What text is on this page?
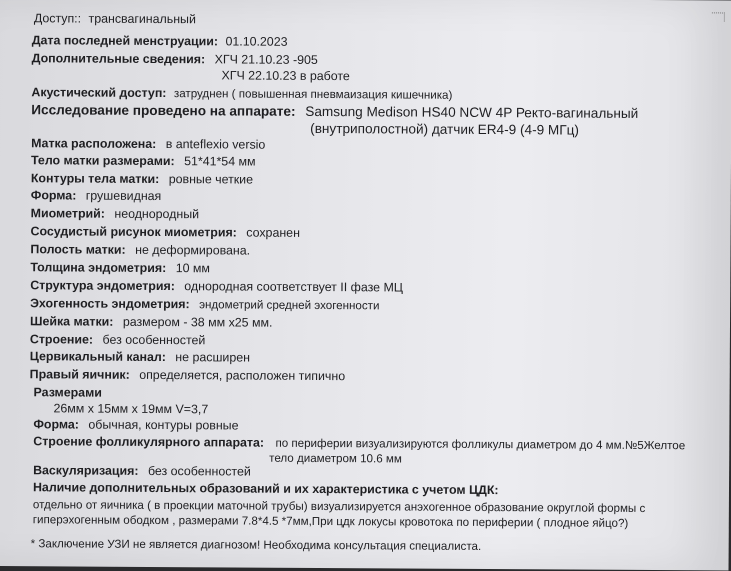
Доступ:: трансвагинальный
Дата последней менструации: 01.10.2023
Дополнительные сведения: ХГЧ 21.10.23 -905
ХГЧ 22.10.23 в работе
Акустический доступ: затруднен ( повышенная пневмаизация кишечника)
Исследование проведено на аппарате: Samsung Medison HS40 NCW 4P Ректо-вагинальный
(внутриполостной) датчик ER4-9 (4-9 МГц)
Матка расположена: в anteflexio versio
Тело матки размерами: 51*41*54 мм
Контуры тела матки: ровные четкие
Форма: грушевидная
Миометрий: неоднородный
Сосудистый рисунок миометрия: сохранен
Полость матки: не деформирована.
Толщина эндометрия: 10 мм
Структура эндометрия: однородная соответствует II фазе МЦ
Эхогенность эндометрия: эндометрий средней эхогенности
Шейка матки: размером - 38 мм x25 мм.
Строение: без особенностей
Цервикальный канал: не расширен
Правый яичник: определяется, расположен типично
Размерами
26мм x 15мм x 19мм V=3,7
Форма: обычная, контуры ровные
Строение фолликулярного аппарата: по периферии визуализируются фолликулы диаметром до 4 мм.№5Желтое
тело диаметром 10.6 мм
Васкуляризация: без особенностей
Наличие дополнительных образований и их характеристика с учетом ЦДК:
отдельно от яичника ( в проекции маточной трубы) визуализируется анэхогенное образование округлой формы с
гиперэхогенным ободком , размерами 7.8*4.5 *7мм,При цдк локусы кровотока по периферии ( плодное яйцо?)
* Заключение УЗИ не является диагнозом! Необходима консультация специалиста.
